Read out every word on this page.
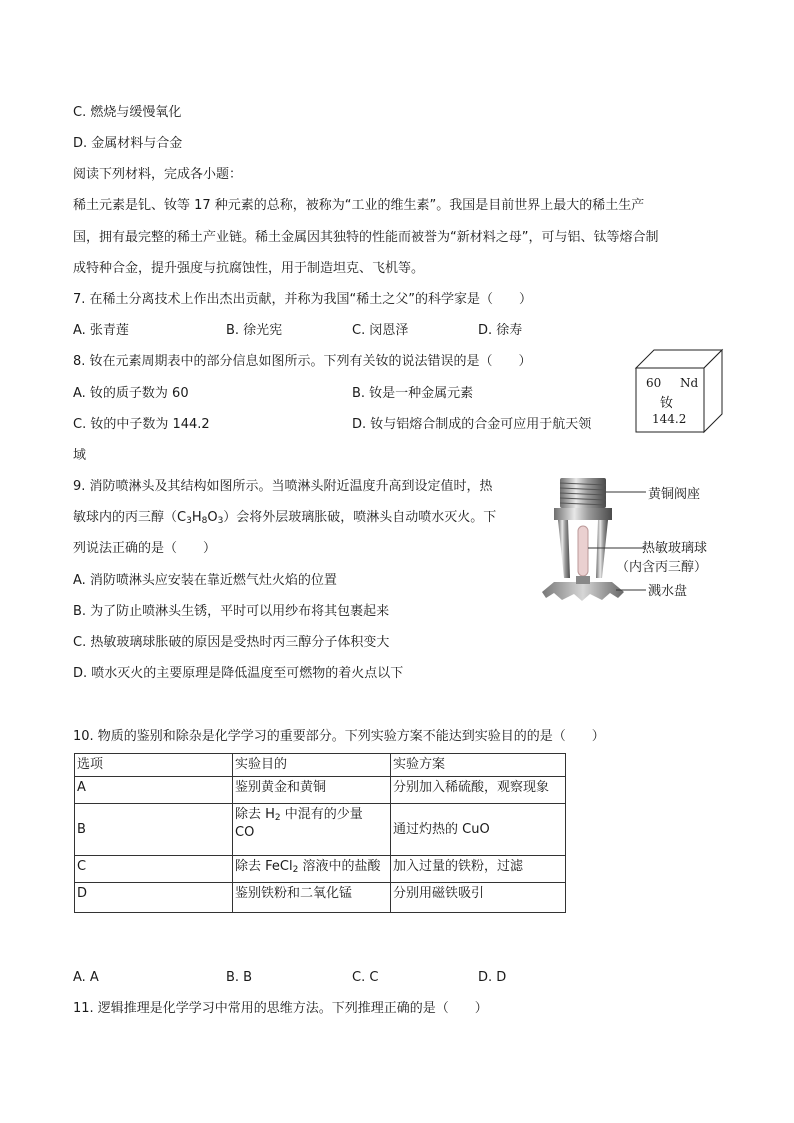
C. 燃烧与缓慢氧化
D. 金属材料与合金
阅读下列材料，完成各小题：
稀土元素是钆、钕等 17 种元素的总称，被称为“工业的维生素”。我国是目前世界上最大的稀土生产
国，拥有最完整的稀土产业链。稀土金属因其独特的性能而被誉为“新材料之母”，可与铝、钛等熔合制
成特种合金，提升强度与抗腐蚀性，用于制造坦克、飞机等。
7. 在稀土分离技术上作出杰出贡献，并称为我国“稀土之父”的科学家是（　　）
A. 张青莲	B. 徐光宪	C. 闵恩泽	D. 徐寿
8. 钕在元素周期表中的部分信息如图所示。下列有关钕的说法错误的是（　　）
A. 钕的质子数为 60	B. 钕是一种金属元素
C. 钕的中子数为 144.2	D. 钕与铝熔合制成的合金可应用于航天领
域
60 Nd
钕
144.2
9. 消防喷淋头及其结构如图所示。当喷淋头附近温度升高到设定值时，热
敏球内的丙三醇$(C_3H_8O_3)$会将外层玻璃胀破，喷淋头自动喷水灭火。下
列说法正确的是（　　）
A. 消防喷淋头应安装在靠近燃气灶火焰的位置
B. 为了防止喷淋头生锈，平时可以用纱布将其包裹起来
C. 热敏玻璃球胀破的原因是受热时丙三醇分子体积变大
D. 喷水灭火的主要原理是降低温度至可燃物的着火点以下
黄铜阀座
热敏玻璃球
（内含丙三醇）
溅水盘
10. 物质的鉴别和除杂是化学学习的重要部分。下列实验方案不能达到实验目的的是（　　）
选项	实验目的	实验方案
A	鉴别黄金和黄铜	分别加入稀硫酸，观察现象
B	除去 $H_2$ 中混有的少量
CO	通过灼热的 CuO
C	除去 FeCl$_2$ 溶液中的盐酸	加入过量的铁粉，过滤
D	鉴别铁粉和二氧化锰	分别用磁铁吸引
A. A	B. B	C. C	D. D
11. 逻辑推理是化学学习中常用的思维方法。下列推理正确的是（　　）
